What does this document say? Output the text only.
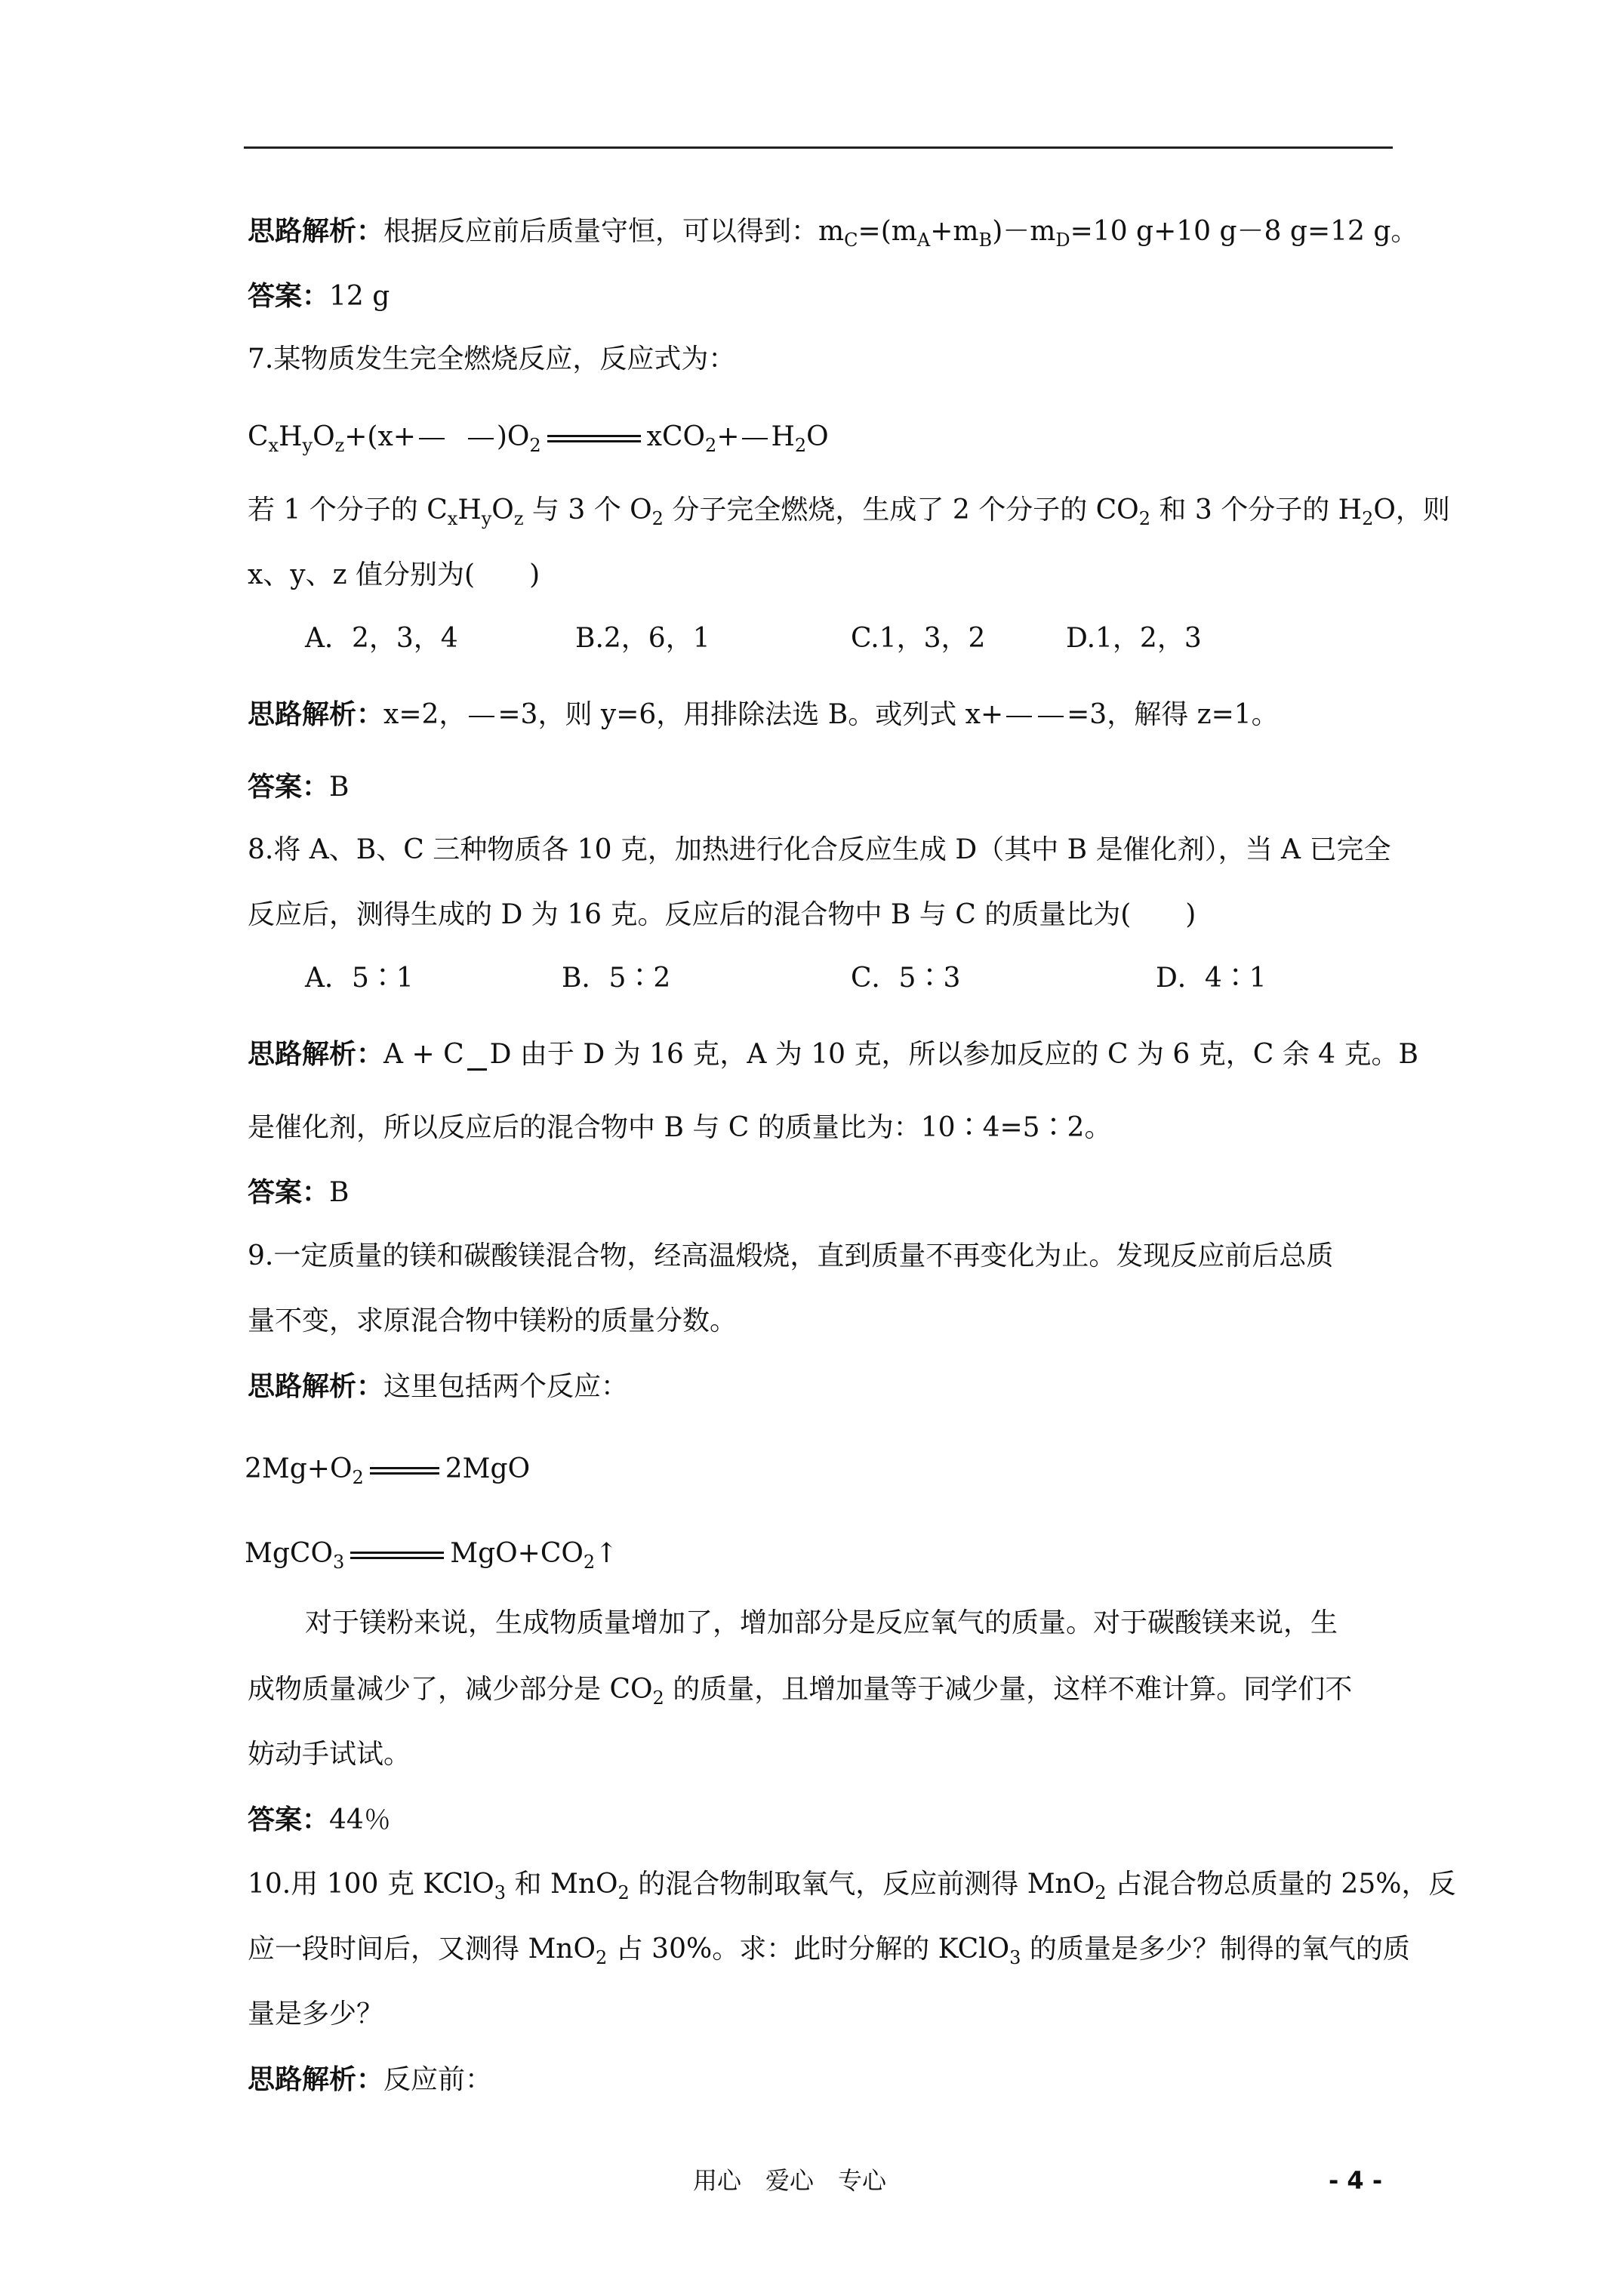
思路解析：根据反应前后质量守恒，可以得到：$m_C=(m_A+m_B)-m_D=10$ g+10 g－8 g=12 g。
答案：12 g
7.某物质发生完全燃烧反应，反应式为：
$C_xH_yO_z+(x+$	)$O_2$	$xCO_2+ H_2O$
若 1 个分子的 $C_xH_yO_z$ 与 3 个 $O_2$ 分子完全燃烧，生成了 2 个分子的 $CO_2$ 和 3 个分子的 $H_2O$，则
x、y、z 值分别为(　　)
A．2，3，4	B.2，6，1	C.1，3，2	D.1，2，3
思路解析：x=2， =3，则 y=6，用排除法选 B。或列式 x+ =3，解得 z=1。
答案：B
8.将 A、B、C 三种物质各 10 克，加热进行化合反应生成 D（其中 B 是催化剂），当 A 已完全
反应后，测得生成的 D 为 16 克。反应后的混合物中 B 与 C 的质量比为(　　)
A．5∶1	B．5∶2	C．5∶3	D．4∶1
思路解析：A + C D 由于 D 为 16 克，A 为 10 克，所以参加反应的 C 为 6 克，C 余 4 克。B
是催化剂，所以反应后的混合物中 B 与 C 的质量比为：10∶4=5∶2。
答案：B
9.一定质量的镁和碳酸镁混合物，经高温煅烧，直到质量不再变化为止。发现反应前后总质
量不变，求原混合物中镁粉的质量分数。
思路解析：这里包括两个反应：
$2Mg+O_2$	2MgO
MgCO$_3$	$MgO+CO_2↑$
对于镁粉来说，生成物质量增加了，增加部分是反应氧气的质量。对于碳酸镁来说，生
成物质量减少了，减少部分是 $CO_2$ 的质量，且增加量等于减少量，这样不难计算。同学们不
妨动手试试。
答案：44％
10.用 100 克 KClO$_3$ 和 MnO$_2$ 的混合物制取氧气，反应前测得 MnO$_2$ 占混合物总质量的 25%，反
应一段时间后，又测得 MnO$_2$ 占 30%。求：此时分解的 KClO$_3$ 的质量是多少？制得的氧气的质
量是多少？
思路解析：反应前：
用心　爱心　专心	- 4 -
